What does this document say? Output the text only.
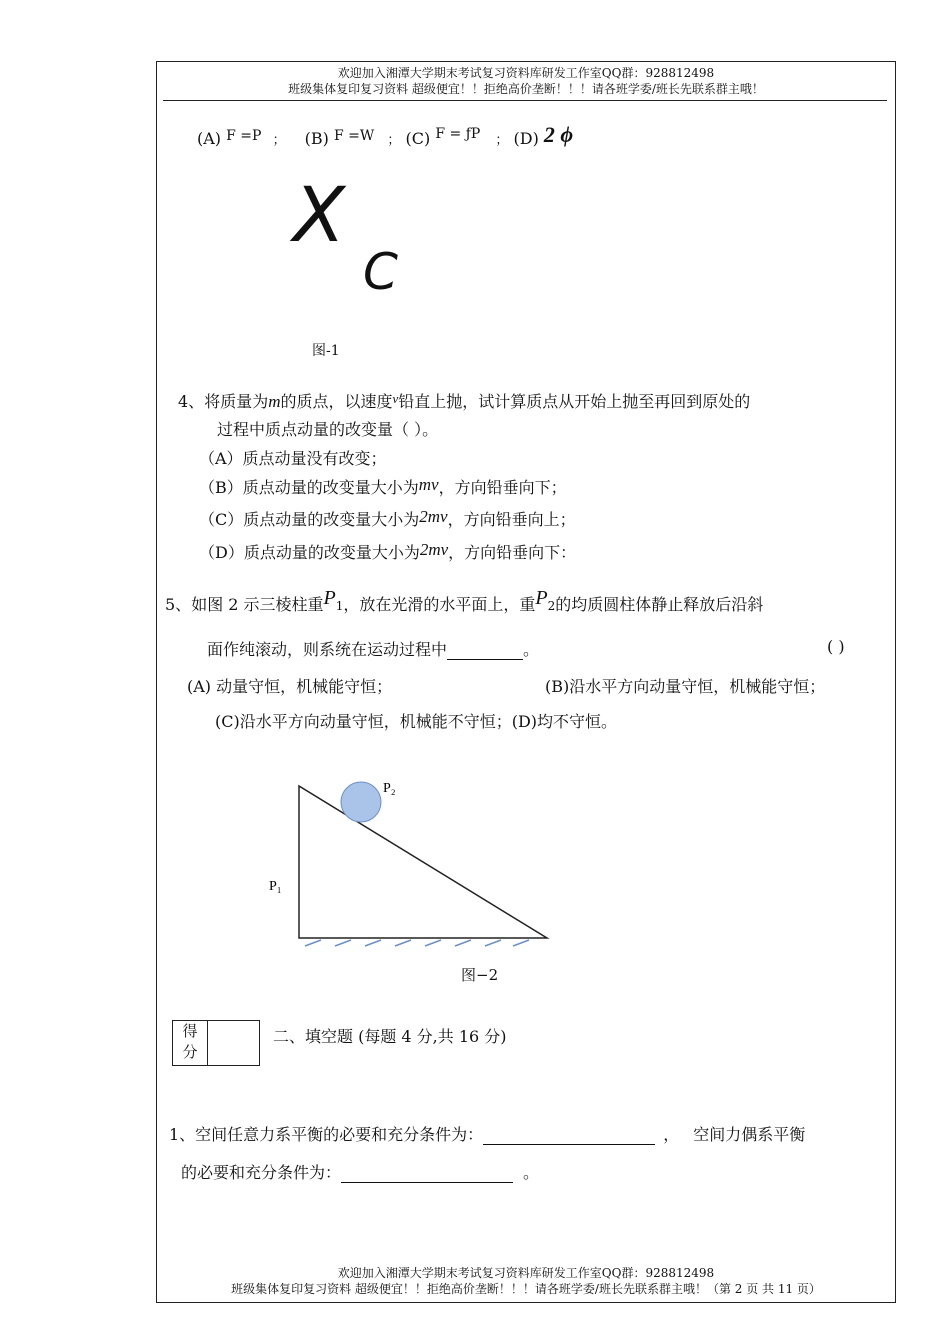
欢迎加入湘潭大学期末考试复习资料库研发工作室QQ群：928812498
班级集体复印复习资料 超级便宜！！拒绝高价垄断！！！请各班学委/班长先联系群主哦！
(A) F =P ； (B) F =W ； (C) F = ƒP ； (D) 2 ϕ
X
C
图-1
4、将质量为m的质点，以速度$^v$铅直上抛，试计算质点从开始上抛至再回到原处的
过程中质点动量的改变量（ ）。
（A）质点动量没有改变；
（B）质点动量的改变量大小为mv，方向铅垂向下；
（C）质点动量的改变量大小为2mv，方向铅垂向上；
（D）质点动量的改变量大小为2mv，方向铅垂向下：
5、如图 2 示三棱柱重P1，放在光滑的水平面上，重P2的均质圆柱体静止释放后沿斜
面作纯滚动，则系统在运动过程中	。	( )
(A) 动量守恒，机械能守恒；	(B)沿水平方向动量守恒，机械能守恒；
(C)沿水平方向动量守恒，机械能不守恒；(D)均不守恒。
P₂
P₁
图−2
得
分
二、填空题 (每题 4 分,共 16 分)
1、空间任意力系平衡的必要和充分条件为：	， 空间力偶系平衡
的必要和充分条件为：	。
欢迎加入湘潭大学期末考试复习资料库研发工作室QQ群：928812498
班级集体复印复习资料 超级便宜！！拒绝高价垄断！！！请各班学委/班长先联系群主哦！（第 2 页 共 11 页）
